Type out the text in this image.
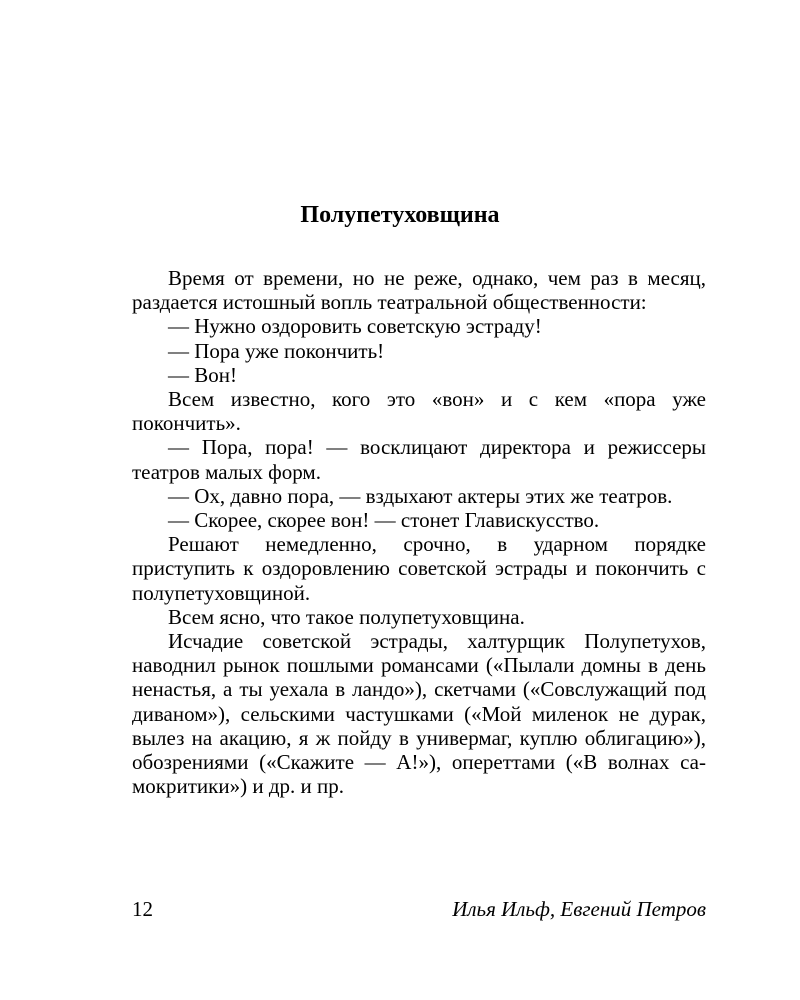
Полупетуховщина

Время от времени, но не реже, однако, чем раз в месяц, раздается истошный вопль театральной общественности:

— Нужно оздоровить советскую эстраду!

— Пора уже покончить!

— Вон!

Всем известно, кого это «вон» и с кем «пора уже покончить».

— Пора, пора! — восклицают директора и режиссеры театров малых форм.

— Ох, давно пора, — вздыхают актеры этих же театров.

— Скорее, скорее вон! — стонет Главискусство.

Решают немедленно, срочно, в ударном порядке приступить к оздоровлению советской эстрады и покончить с полупетуховщиной.

Всем ясно, что такое полупетуховщина.

Исчадие советской эстрады, халтурщик Полупетухов, наводнил рынок пошлыми романсами («Пылали домны в день ненастья, а ты уехала в ландо»), скетчами («Совслужащий под диваном»), сельскими частушками («Мой миленок не дурак, вылез на акацию, я ж пойду в универмаг, куплю облигацию»), обозрениями («Скажите — А!»), опереттами («В волнах самокритики») и др. и пр.

12	Илья Ильф, Евгений Петров
